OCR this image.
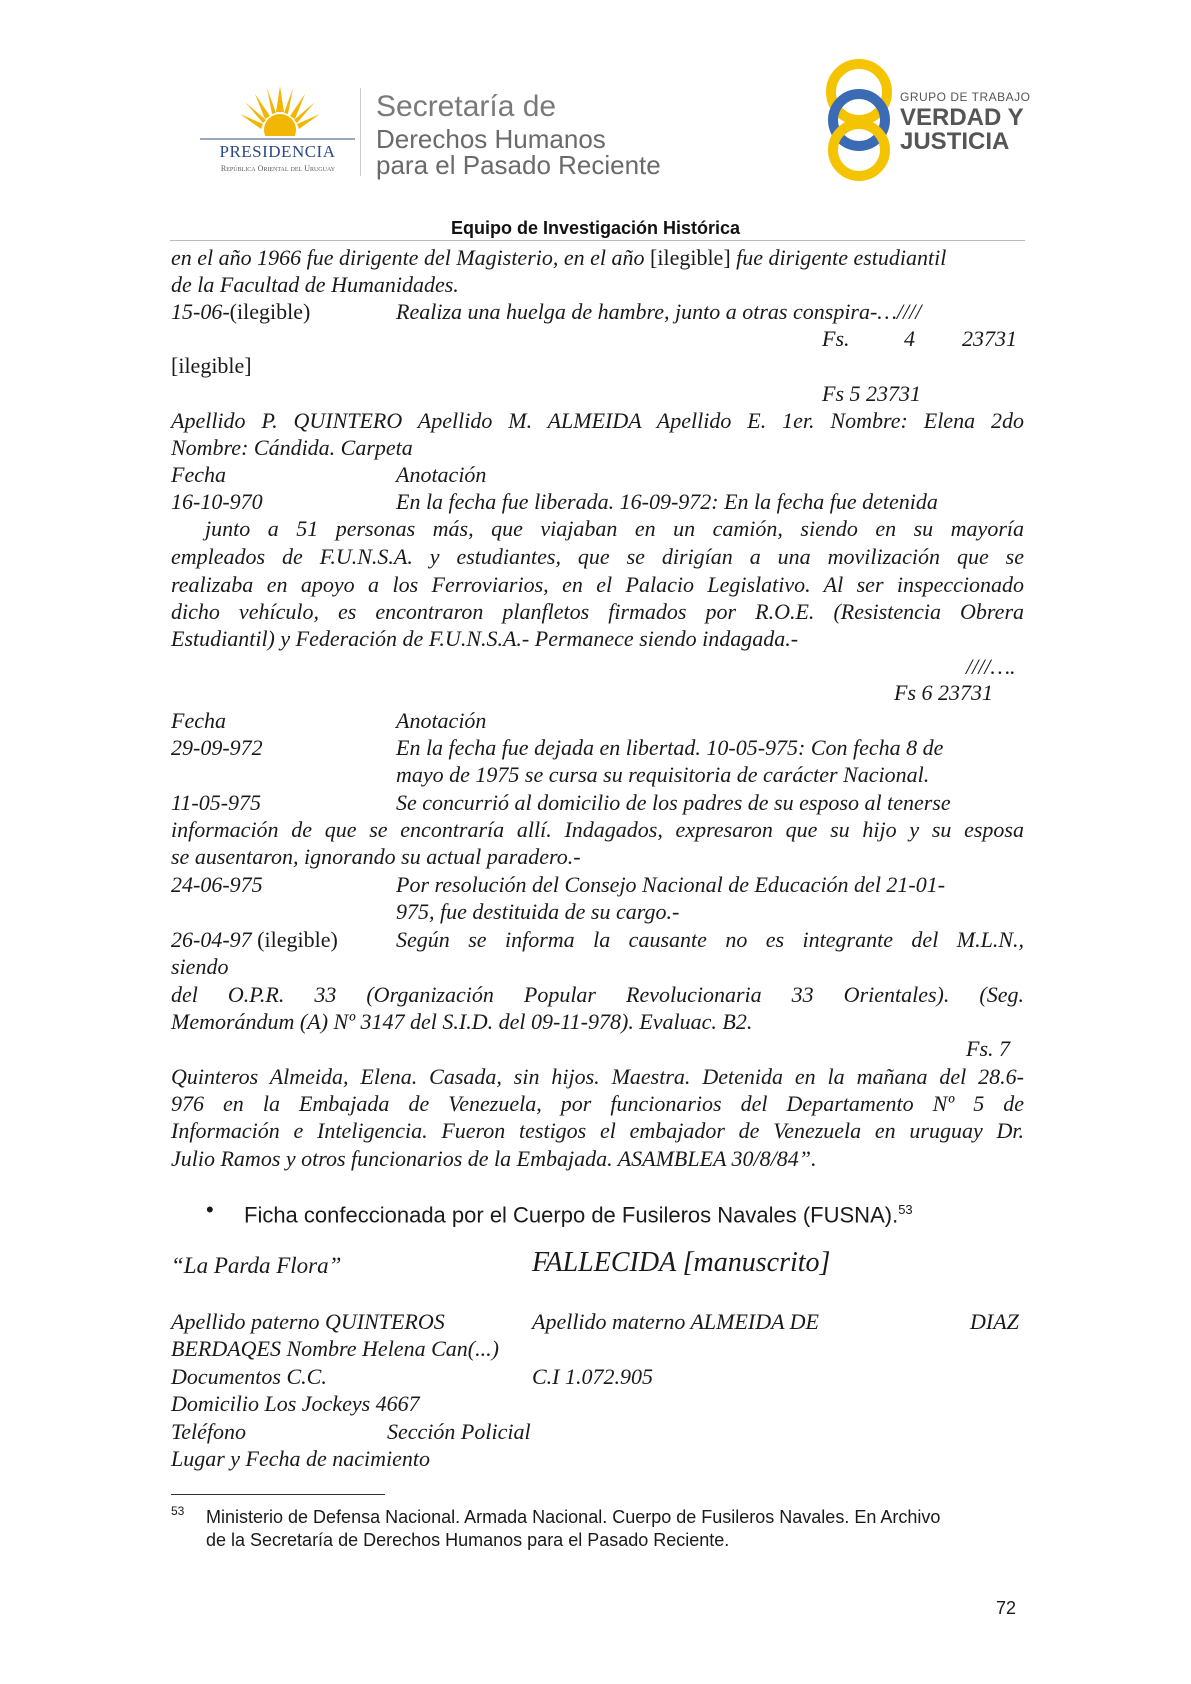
PRESIDENCIA
República Oriental del Uruguay
Secretaría de
Derechos Humanos
para el Pasado Reciente
GRUPO DE TRABAJO
VERDAD Y
JUSTICIA
Equipo de Investigación Histórica
en el año 1966 fue dirigente del Magisterio, en el año [ilegible] fue dirigente estudiantil
de la Facultad de Humanidades.
15-06-(ilegible)	Realiza una huelga de hambre, junto a otras conspira-…////
Fs. 4 23731
[ilegible]
Fs 5 23731
Apellido P. QUINTERO Apellido M. ALMEIDA Apellido E. 1er. Nombre: Elena 2do
Nombre: Cándida. Carpeta
Fecha	Anotación
16-10-970	En la fecha fue liberada. 16-09-972: En la fecha fue detenida
junto a 51 personas más, que viajaban en un camión, siendo en su mayoría
empleados de F.U.N.S.A. y estudiantes, que se dirigían a una movilización que se
realizaba en apoyo a los Ferroviarios, en el Palacio Legislativo. Al ser inspeccionado
dicho vehículo, es encontraron planfletos firmados por R.O.E. (Resistencia Obrera
Estudiantil) y Federación de F.U.N.S.A.- Permanece siendo indagada.-
////….
Fs 6 23731
Fecha	Anotación
29-09-972	En la fecha fue dejada en libertad. 10-05-975: Con fecha 8 de
mayo de 1975 se cursa su requisitoria de carácter Nacional.
11-05-975	Se concurrió al domicilio de los padres de su esposo al tenerse
información de que se encontraría allí. Indagados, expresaron que su hijo y su esposa
se ausentaron, ignorando su actual paradero.-
24-06-975	Por resolución del Consejo Nacional de Educación del 21-01-
975, fue destituida de su cargo.-
26-04-97 (ilegible)	Según se informa la causante no es integrante del M.L.N.,
siendo
del O.P.R. 33 (Organización Popular Revolucionaria 33 Orientales). (Seg.
Memorándum (A) Nº 3147 del S.I.D. del 09-11-978). Evaluac. B2.
Fs. 7
Quinteros Almeida, Elena. Casada, sin hijos. Maestra. Detenida en la mañana del 28.6-
976 en la Embajada de Venezuela, por funcionarios del Departamento Nº 5 de
Información e Inteligencia. Fueron testigos el embajador de Venezuela en uruguay Dr.
Julio Ramos y otros funcionarios de la Embajada. ASAMBLEA 30/8/84”.
• Ficha confeccionada por el Cuerpo de Fusileros Navales (FUSNA).$^{53}$
“La Parda Flora”	FALLECIDA [manuscrito]
Apellido paterno QUINTEROS	Apellido materno ALMEIDA DE	DIAZ
BERDAQES Nombre Helena Can(...)
Documentos C.C.	C.I 1.072.905
Domicilio Los Jockeys 4667
Teléfono	Sección Policial
Lugar y Fecha de nacimiento
53 Ministerio de Defensa Nacional. Armada Nacional. Cuerpo de Fusileros Navales. En Archivo
de la Secretaría de Derechos Humanos para el Pasado Reciente.
72
